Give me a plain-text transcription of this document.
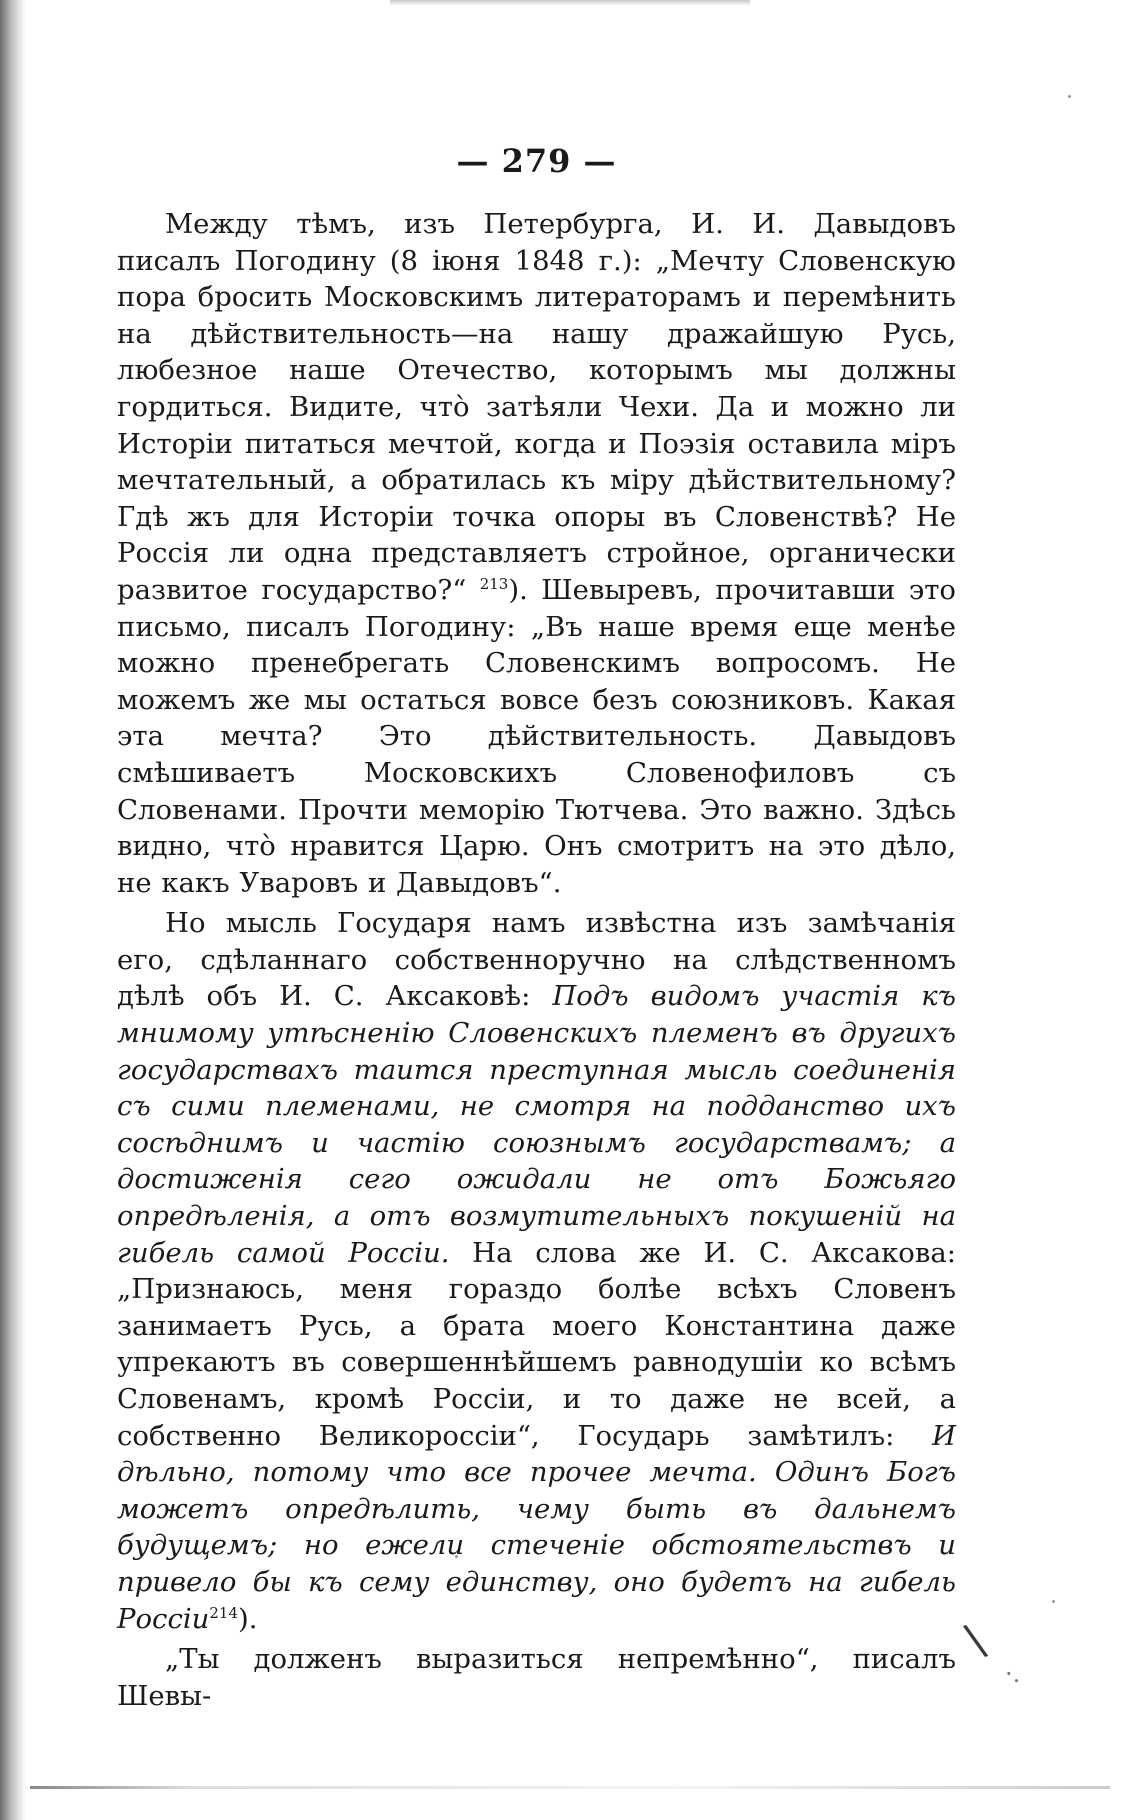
— 279 —

Между тѣмъ, изъ Петербурга, И. И. Давыдовъ писалъ Погодину (8 іюня 1848 г.): „Мечту Словенскую пора бросить Московскимъ литераторамъ и перемѣнить на дѣйствительность—на нашу дражайшую Русь, любезное наше Отечество, которымъ мы должны гордиться. Видите, чтò затѣяли Чехи. Да и можно ли Исторіи питаться мечтой, когда и Поэзія оставила міръ мечтательный, а обратилась къ міру дѣйствительному? Гдѣ жъ для Исторіи точка опоры въ Словенствѣ? Не Россія ли одна представляетъ стройное, органически развитое государство?“ $^{213}$). Шевыревъ, прочитавши это письмо, писалъ Погодину: „Въ наше время еще менѣе можно пренебрегать Словенскимъ вопросомъ. Не можемъ же мы остаться вовсе безъ союзниковъ. Какая эта мечта? Это дѣйствительность. Давыдовъ смѣшиваетъ Московскихъ Словенофиловъ съ Словенами. Прочти меморію Тютчева. Это важно. Здѣсь видно, чтò нравится Царю. Онъ смотритъ на это дѣло, не какъ Уваровъ и Давыдовъ“.

Но мысль Государя намъ извѣстна изъ замѣчанія его, сдѣланнаго собственноручно на слѣдственномъ дѣлѣ объ И. С. Аксаковѣ: Подъ видомъ участія къ мнимому утѣсненію Словенскихъ племенъ въ другихъ государствахъ таится преступная мысль соединенія съ сими племенами, не смотря на подданство ихъ сосѣднимъ и частію союзнымъ государствамъ; а достиженія сего ожидали не отъ Божьяго опредѣленія, а отъ возмутительныхъ покушеній на гибель самой Россіи. На слова же И. С. Аксакова: „Признаюсь, меня гораздо болѣе всѣхъ Словенъ занимаетъ Русь, а брата моего Константина даже упрекаютъ въ совершеннѣйшемъ равнодушіи ко всѣмъ Словенамъ, кромѣ Россіи, и то даже не всей, а собственно Великороссіи“, Государь замѣтилъ: И дѣльно, потому что все прочее мечта. Одинъ Богъ можетъ опредѣлить, чему быть въ дальнемъ будущемъ; но ежели стеченіе обстоятельствъ и привело бы къ сему единству, оно будетъ на гибель Россіи$^{214}$).

„Ты долженъ выразиться непремѣнно“, писалъ Шевы-

\
·.
